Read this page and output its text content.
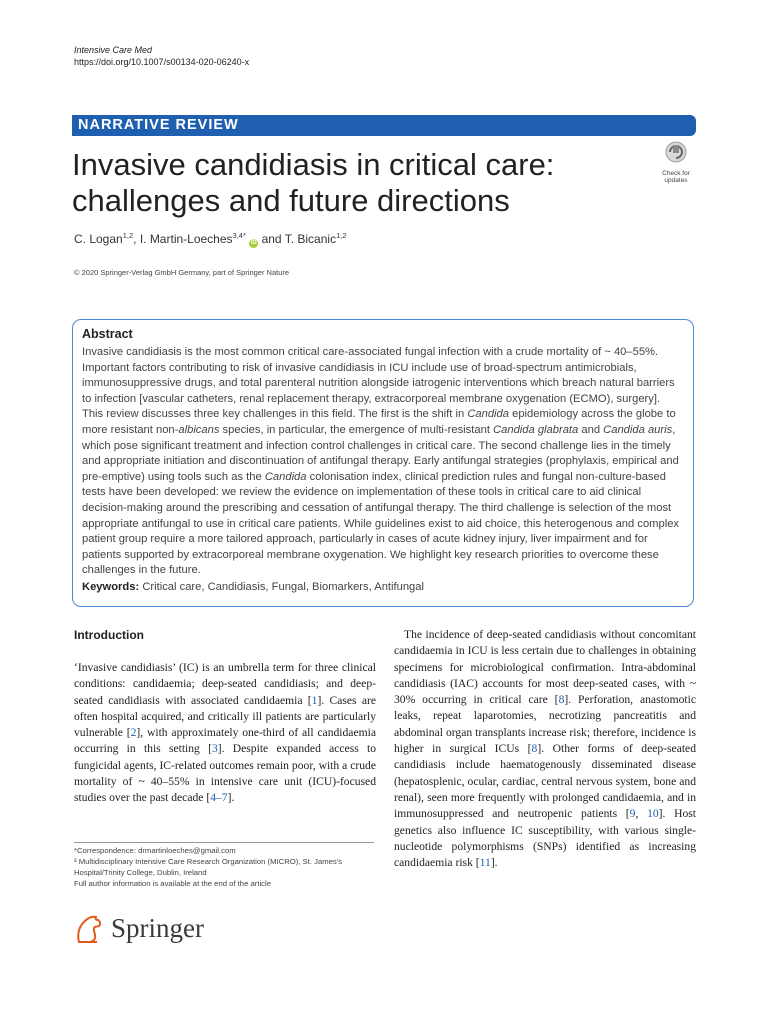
Intensive Care Med
https://doi.org/10.1007/s00134-020-06240-x
NARRATIVE REVIEW
Invasive candidiasis in critical care:
challenges and future directions
Check for
updates
C. Logan$^{1,2}$, I. Martin-Loeches$^{3,4*}$ iD and T. Bicanic$^{1,2}$
© 2020 Springer-Verlag GmbH Germany, part of Springer Nature
Abstract
Invasive candidiasis is the most common critical care-associated fungal infection with a crude mortality of ~ 40–55%. Important factors contributing to risk of invasive candidiasis in ICU include use of broad-spectrum antimicrobials, immunosuppressive drugs, and total parenteral nutrition alongside iatrogenic interventions which breach natural barriers to infection [vascular catheters, renal replacement therapy, extracorporeal membrane oxygenation (ECMO), surgery]. This review discusses three key challenges in this field. The first is the shift in Candida epidemiology across the globe to more resistant non-albicans species, in particular, the emergence of multi-resistant Candida glabrata and Candida auris, which pose significant treatment and infection control challenges in critical care. The second challenge lies in the timely and appropriate initiation and discontinuation of antifungal therapy. Early antifungal strategies (prophylaxis, empirical and pre-emptive) using tools such as the Candida colonisation index, clinical prediction rules and fungal non-culture-based tests have been developed: we review the evidence on implementation of these tools in critical care to aid clinical decision-making around the prescribing and cessation of antifungal therapy. The third challenge is selection of the most appropriate antifungal to use in critical care patients. While guidelines exist to aid choice, this heterogenous and complex patient group require a more tailored approach, particularly in cases of acute kidney injury, liver impairment and for patients supported by extracorporeal membrane oxygenation. We highlight key research priorities to overcome these challenges in the future.
Keywords: Critical care, Candidiasis, Fungal, Biomarkers, Antifungal
Introduction
‘Invasive candidiasis’ (IC) is an umbrella term for three clinical conditions: candidaemia; deep-seated candidiasis; and deep-seated candidiasis with associated candidaemia [1]. Cases are often hospital acquired, and critically ill patients are particularly vulnerable [2], with approximately one-third of all candidaemia occurring in this setting [3]. Despite expanded access to fungicidal agents, IC-related outcomes remain poor, with a crude mortality of ~ 40–55% in intensive care unit (ICU)-focused studies over the past decade [4–7].
The incidence of deep-seated candidiasis without concomitant candidaemia in ICU is less certain due to challenges in obtaining specimens for microbiological confirmation. Intra-abdominal candidiasis (IAC) accounts for most deep-seated cases, with ~ 30% occurring in critical care [8]. Perforation, anastomotic leaks, repeat laparotomies, necrotizing pancreatitis and abdominal organ transplants increase risk; therefore, incidence is higher in surgical ICUs [8]. Other forms of deep-seated candidiasis include haematogenously disseminated disease (hepatosplenic, ocular, cardiac, central nervous system, bone and renal), seen more frequently with prolonged candidaemia, and in immunosuppressed and neutropenic patients [9, 10]. Host genetics also influence IC susceptibility, with various single-nucleotide polymorphisms (SNPs) identified as increasing candidaemia risk [11].
*Correspondence: drmartinloeches@gmail.com
³ Multidisciplinary Intensive Care Research Organization (MICRO), St. James's Hospital/Trinity College, Dublin, Ireland
Full author information is available at the end of the article
Springer
